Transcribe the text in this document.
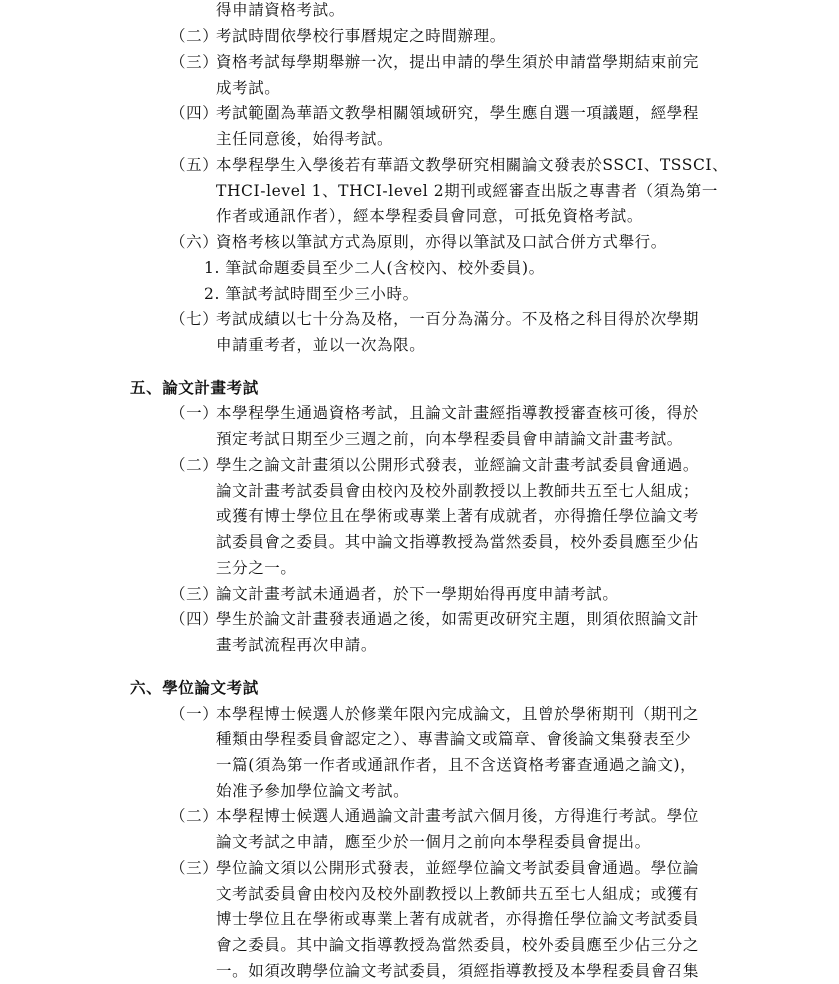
得申請資格考試。
（二）
考試時間依學校行事曆規定之時間辦理。
（三）
資格考試每學期舉辦一次，提出申請的學生須於申請當學期結束前完
成考試。
（四）
考試範圍為華語文教學相關領域研究，學生應自選一項議題，經學程
主任同意後，始得考試。
（五）
本學程學生入學後若有華語文教學研究相關論文發表於SSCI、TSSCI、
THCI-level 1、THCI-level 2期刊或經審查出版之專書者（須為第一
作者或通訊作者），經本學程委員會同意，可抵免資格考試。
（六）
資格考核以筆試方式為原則，亦得以筆試及口試合併方式舉行。
1. 筆試命題委員至少二人(含校內、校外委員)。
2. 筆試考試時間至少三小時。
（七）
考試成績以七十分為及格，一百分為滿分。不及格之科目得於次學期
申請重考者，並以一次為限。
五、論文計畫考試
（一）
本學程學生通過資格考試，且論文計畫經指導教授審查核可後，得於
預定考試日期至少三週之前，向本學程委員會申請論文計畫考試。
（二）
學生之論文計畫須以公開形式發表，並經論文計畫考試委員會通過。
論文計畫考試委員會由校內及校外副教授以上教師共五至七人組成；
或獲有博士學位且在學術或專業上著有成就者，亦得擔任學位論文考
試委員會之委員。其中論文指導教授為當然委員，校外委員應至少佔
三分之一。
（三）
論文計畫考試未通過者，於下一學期始得再度申請考試。
（四）
學生於論文計畫發表通過之後，如需更改研究主題，則須依照論文計
畫考試流程再次申請。
六、學位論文考試
（一）
本學程博士候選人於修業年限內完成論文，且曾於學術期刊（期刊之
種類由學程委員會認定之）、專書論文或篇章、會後論文集發表至少
一篇(須為第一作者或通訊作者，且不含送資格考審查通過之論文)，
始准予參加學位論文考試。
（二）
本學程博士候選人通過論文計畫考試六個月後，方得進行考試。學位
論文考試之申請，應至少於一個月之前向本學程委員會提出。
（三）
學位論文須以公開形式發表，並經學位論文考試委員會通過。學位論
文考試委員會由校內及校外副教授以上教師共五至七人組成；或獲有
博士學位且在學術或專業上著有成就者，亦得擔任學位論文考試委員
會之委員。其中論文指導教授為當然委員，校外委員應至少佔三分之
一。如須改聘學位論文考試委員，須經指導教授及本學程委員會召集
